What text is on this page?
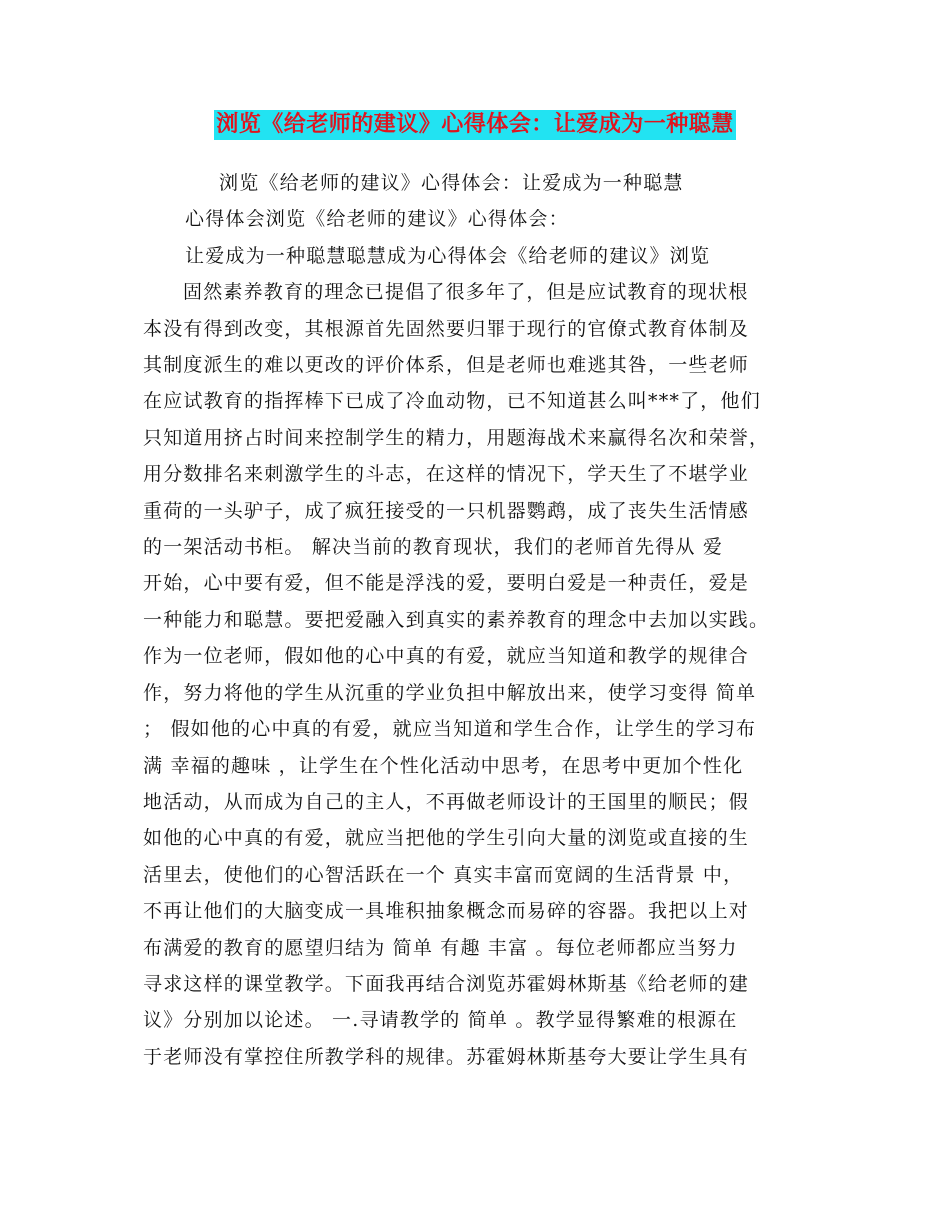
浏览《给老师的建议》心得体会：让爱成为一种聪慧

浏览《给老师的建议》心得体会：让爱成为一种聪慧

心得体会浏览《给老师的建议》心得体会：

让爱成为一种聪慧聪慧成为心得体会《给老师的建议》浏览

固然素养教育的理念已提倡了很多年了，但是应试教育的现状根

本没有得到改变，其根源首先固然要归罪于现行的官僚式教育体制及

其制度派生的难以更改的评价体系，但是老师也难逃其咎，一些老师

在应试教育的指挥棒下已成了冷血动物，已不知道甚么叫***了，他们

只知道用挤占时间来控制学生的精力，用题海战术来赢得名次和荣誉，

用分数排名来刺激学生的斗志，在这样的情况下，学天生了不堪学业

重荷的一头驴子，成了疯狂接受的一只机器鹦鹉，成了丧失生活情感

的一架活动书柜。 解决当前的教育现状，我们的老师首先得从 爱

开始，心中要有爱，但不能是浮浅的爱，要明白爱是一种责任，爱是

一种能力和聪慧。要把爱融入到真实的素养教育的理念中去加以实践。

作为一位老师，假如他的心中真的有爱，就应当知道和教学的规律合

作，努力将他的学生从沉重的学业负担中解放出来，使学习变得 简单

； 假如他的心中真的有爱，就应当知道和学生合作，让学生的学习布

满 幸福的趣味 ，让学生在个性化活动中思考，在思考中更加个性化

地活动，从而成为自己的主人，不再做老师设计的王国里的顺民；假

如他的心中真的有爱，就应当把他的学生引向大量的浏览或直接的生

活里去，使他们的心智活跃在一个 真实丰富而宽阔的生活背景 中，

不再让他们的大脑变成一具堆积抽象概念而易碎的容器。我把以上对

布满爱的教育的愿望归结为 简单 有趣 丰富 。每位老师都应当努力

寻求这样的课堂教学。下面我再结合浏览苏霍姆林斯基《给老师的建

议》分别加以论述。 一.寻请教学的 简单 。教学显得繁难的根源在

于老师没有掌控住所教学科的规律。苏霍姆林斯基夸大要让学生具有
